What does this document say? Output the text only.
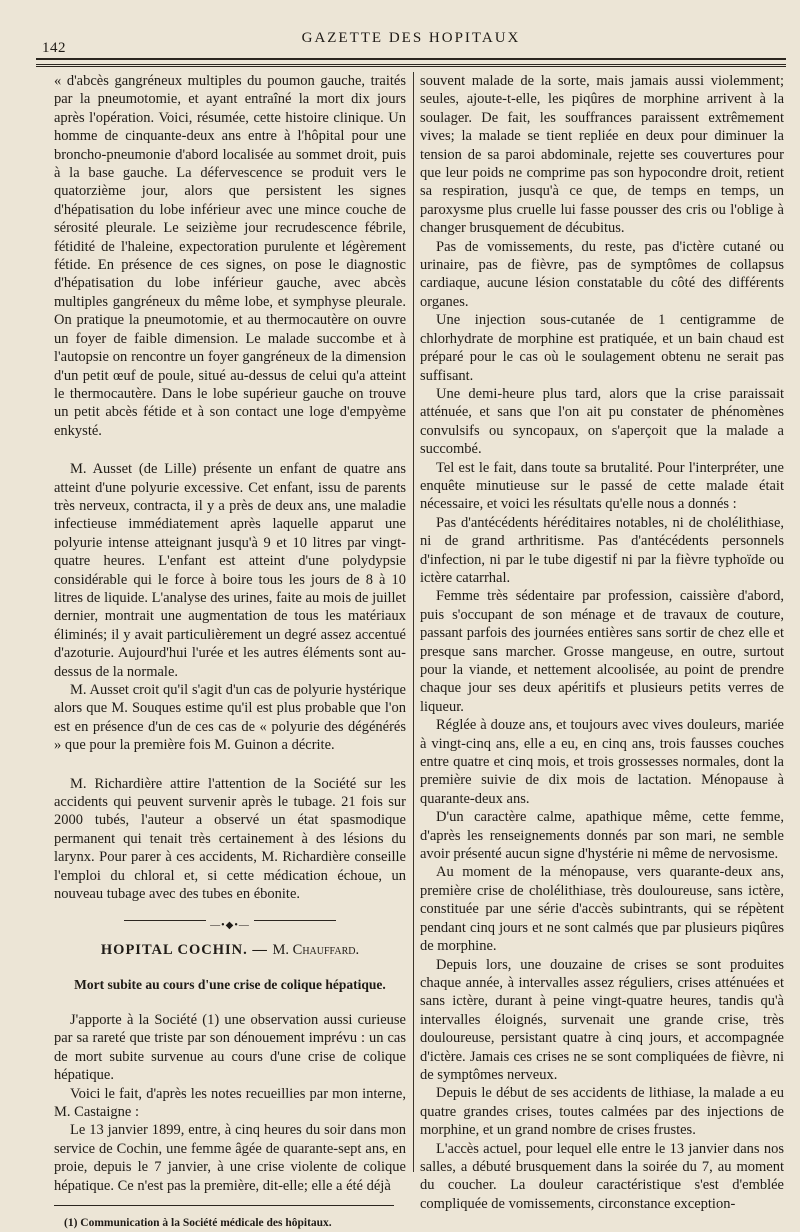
142
GAZETTE DES HOPITAUX

« d'abcès gangréneux multiples du poumon gauche, traités par la pneumotomie, et ayant entraîné la mort dix jours après l'opération. Voici, résumée, cette histoire clinique. Un homme de cinquante-deux ans entre à l'hôpital pour une broncho-pneumonie d'abord localisée au sommet droit, puis à la base gauche. La défervescence se produit vers le quatorzième jour, alors que persistent les signes d'hépatisation du lobe inférieur avec une mince couche de sérosité pleurale. Le seizième jour recrudescence fébrile, fétidité de l'haleine, expectoration purulente et légèrement fétide. En présence de ces signes, on pose le diagnostic d'hépatisation du lobe inférieur gauche, avec abcès multiples gangréneux du même lobe, et symphyse pleurale. On pratique la pneumotomie, et au thermocautère on ouvre un foyer de faible dimension. Le malade succombe et à l'autopsie on rencontre un foyer gangréneux de la dimension d'un petit œuf de poule, situé au-dessus de celui qu'a atteint le thermocautère. Dans le lobe supérieur gauche on trouve un petit abcès fétide et à son contact une loge d'empyème enkysté.

M. Ausset (de Lille) présente un enfant de quatre ans atteint d'une polyurie excessive. Cet enfant, issu de parents très nerveux, contracta, il y a près de deux ans, une maladie infectieuse immédiatement après laquelle apparut une polyurie intense atteignant jusqu'à 9 et 10 litres par vingt-quatre heures. L'enfant est atteint d'une polydypsie considérable qui le force à boire tous les jours de 8 à 10 litres de liquide. L'analyse des urines, faite au mois de juillet dernier, montrait une augmentation de tous les matériaux éliminés; il y avait particulièrement un degré assez accentué d'azoturie. Aujourd'hui l'urée et les autres éléments sont au-dessus de la normale.

M. Ausset croit qu'il s'agit d'un cas de polyurie hystérique alors que M. Souques estime qu'il est plus probable que l'on est en présence d'un de ces cas de « polyurie des dégénérés » que pour la première fois M. Guinon a décrite.

M. Richardière attire l'attention de la Société sur les accidents qui peuvent survenir après le tubage. 21 fois sur 2000 tubés, l'auteur a observé un état spasmodique permanent qui tenait très certainement à des lésions du larynx. Pour parer à ces accidents, M. Richardière conseille l'emploi du chloral et, si cette médication échoue, un nouveau tubage avec des tubes en ébonite.

—•◆•—
HOPITAL COCHIN. — M. Chauffard.
Mort subite au cours d'une crise de colique hépatique.

J'apporte à la Société (1) une observation aussi curieuse par sa rareté que triste par son dénouement imprévu : un cas de mort subite survenue au cours d'une crise de colique hépatique.

Voici le fait, d'après les notes recueillies par mon interne, M. Castaigne :

Le 13 janvier 1899, entre, à cinq heures du soir dans mon service de Cochin, une femme âgée de quarante-sept ans, en proie, depuis le 7 janvier, à une crise violente de colique hépatique. Ce n'est pas la première, dit-elle; elle a été déjà

(1) Communication à la Société médicale des hôpitaux.

souvent malade de la sorte, mais jamais aussi violemment; seules, ajoute-t-elle, les piqûres de morphine arrivent à la soulager. De fait, les souffrances paraissent extrêmement vives; la malade se tient repliée en deux pour diminuer la tension de sa paroi abdominale, rejette ses couvertures pour que leur poids ne comprime pas son hypocondre droit, retient sa respiration, jusqu'à ce que, de temps en temps, un paroxysme plus cruelle lui fasse pousser des cris ou l'oblige à changer brusquement de décubitus.

Pas de vomissements, du reste, pas d'ictère cutané ou urinaire, pas de fièvre, pas de symptômes de collapsus cardiaque, aucune lésion constatable du côté des différents organes.

Une injection sous-cutanée de 1 centigramme de chlorhydrate de morphine est pratiquée, et un bain chaud est préparé pour le cas où le soulagement obtenu ne serait pas suffisant.

Une demi-heure plus tard, alors que la crise paraissait atténuée, et sans que l'on ait pu constater de phénomènes convulsifs ou syncopaux, on s'aperçoit que la malade a succombé.

Tel est le fait, dans toute sa brutalité. Pour l'interpréter, une enquête minutieuse sur le passé de cette malade était nécessaire, et voici les résultats qu'elle nous a donnés :

Pas d'antécédents héréditaires notables, ni de cholélithiase, ni de grand arthritisme. Pas d'antécédents personnels d'infection, ni par le tube digestif ni par la fièvre typhoïde ou ictère catarrhal.

Femme très sédentaire par profession, caissière d'abord, puis s'occupant de son ménage et de travaux de couture, passant parfois des journées entières sans sortir de chez elle et presque sans marcher. Grosse mangeuse, en outre, surtout pour la viande, et nettement alcoolisée, au point de prendre chaque jour ses deux apéritifs et plusieurs petits verres de liqueur.

Réglée à douze ans, et toujours avec vives douleurs, mariée à vingt-cinq ans, elle a eu, en cinq ans, trois fausses couches entre quatre et cinq mois, et trois grossesses normales, dont la première suivie de dix mois de lactation. Ménopause à quarante-deux ans.

D'un caractère calme, apathique même, cette femme, d'après les renseignements donnés par son mari, ne semble avoir présenté aucun signe d'hystérie ni même de nervosisme.

Au moment de la ménopause, vers quarante-deux ans, première crise de cholélithiase, très douloureuse, sans ictère, constituée par une série d'accès subintrants, qui se répètent pendant cinq jours et ne sont calmés que par plusieurs piqûres de morphine.

Depuis lors, une douzaine de crises se sont produites chaque année, à intervalles assez réguliers, crises atténuées et sans ictère, durant à peine vingt-quatre heures, tandis qu'à intervalles éloignés, survenait une grande crise, très douloureuse, persistant quatre à cinq jours, et accompagnée d'ictère. Jamais ces crises ne se sont compliquées de fièvre, ni de symptômes nerveux.

Depuis le début de ses accidents de lithiase, la malade a eu quatre grandes crises, toutes calmées par des injections de morphine, et un grand nombre de crises frustes.

L'accès actuel, pour lequel elle entre le 13 janvier dans nos salles, a débuté brusquement dans la soirée du 7, au moment du coucher. La douleur caractéristique s'est d'emblée compliquée de vomissements, circonstance exception-
